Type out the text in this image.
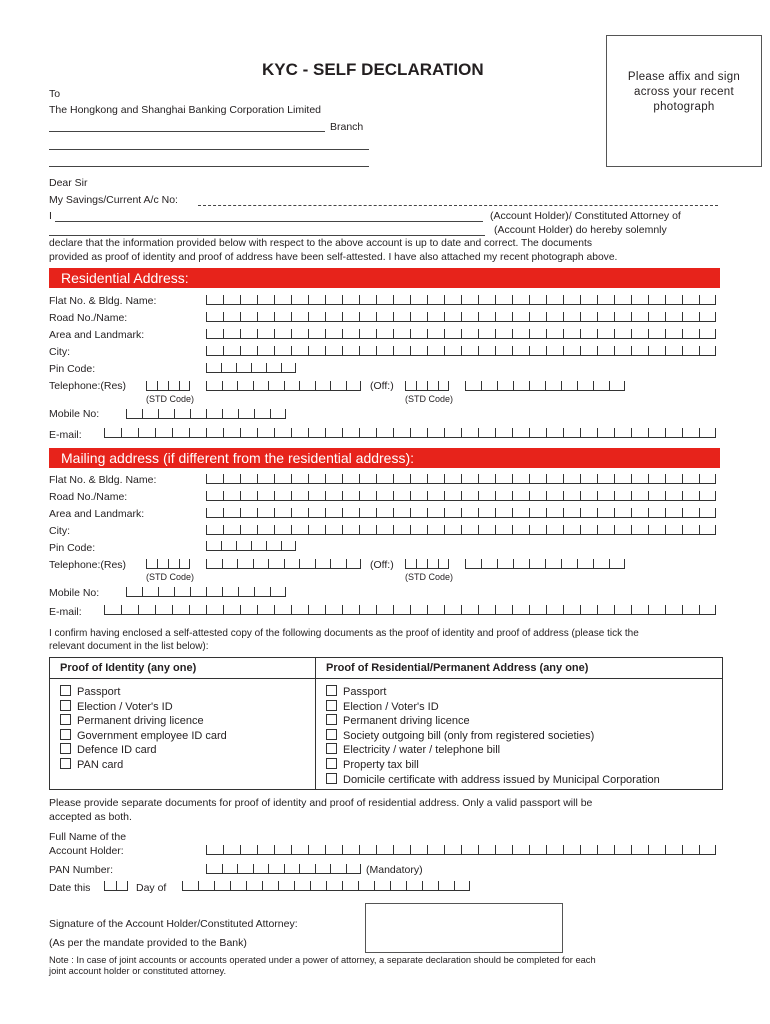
KYC - SELF DECLARATION	Please affix and sign across your recent photograph
To
The Hongkong and Shanghai Banking Corporation Limited
Branch
Dear Sir
My Savings/Current A/c No:
I	(Account Holder)/ Constituted Attorney of
(Account Holder) do hereby solemnly
declare that the information provided below with respect to the above account is up to date and correct. The documents
provided as proof of identity and proof of address have been self-attested. I have also attached my recent photograph above.
Residential Address:
Flat No. & Bldg. Name:
Road No./Name:
Area and Landmark:
City:
Pin Code:
Telephone:(Res)	(Off:)
(STD Code)	(STD Code)
Mobile No:
E-mail:
Mailing address (if different from the residential address):
Flat No. & Bldg. Name:
Road No./Name:
Area and Landmark:
City:
Pin Code:
Telephone:(Res)	(Off:)
(STD Code)	(STD Code)
Mobile No:
E-mail:
I confirm having enclosed a self-attested copy of the following documents as the proof of identity and proof of address (please tick the
relevant document in the list below):
Proof of Identity (any one)	Proof of Residential/Permanent Address (any one)
Passport
Election / Voter's ID
Permanent driving licence
Government employee ID card
Defence ID card
PAN card
Passport
Election / Voter's ID
Permanent driving licence
Society outgoing bill (only from registered societies)
Electricity / water / telephone bill
Property tax bill
Domicile certificate with address issued by Municipal Corporation
Please provide separate documents for proof of identity and proof of residential address. Only a valid passport will be
accepted as both.
Full Name of the
Account Holder:
PAN Number:	(Mandatory)
Date this	Day of
Signature of the Account Holder/Constituted Attorney:
(As per the mandate provided to the Bank)
Note : In case of joint accounts or accounts operated under a power of attorney, a separate declaration should be completed for each
joint account holder or constituted attorney.
